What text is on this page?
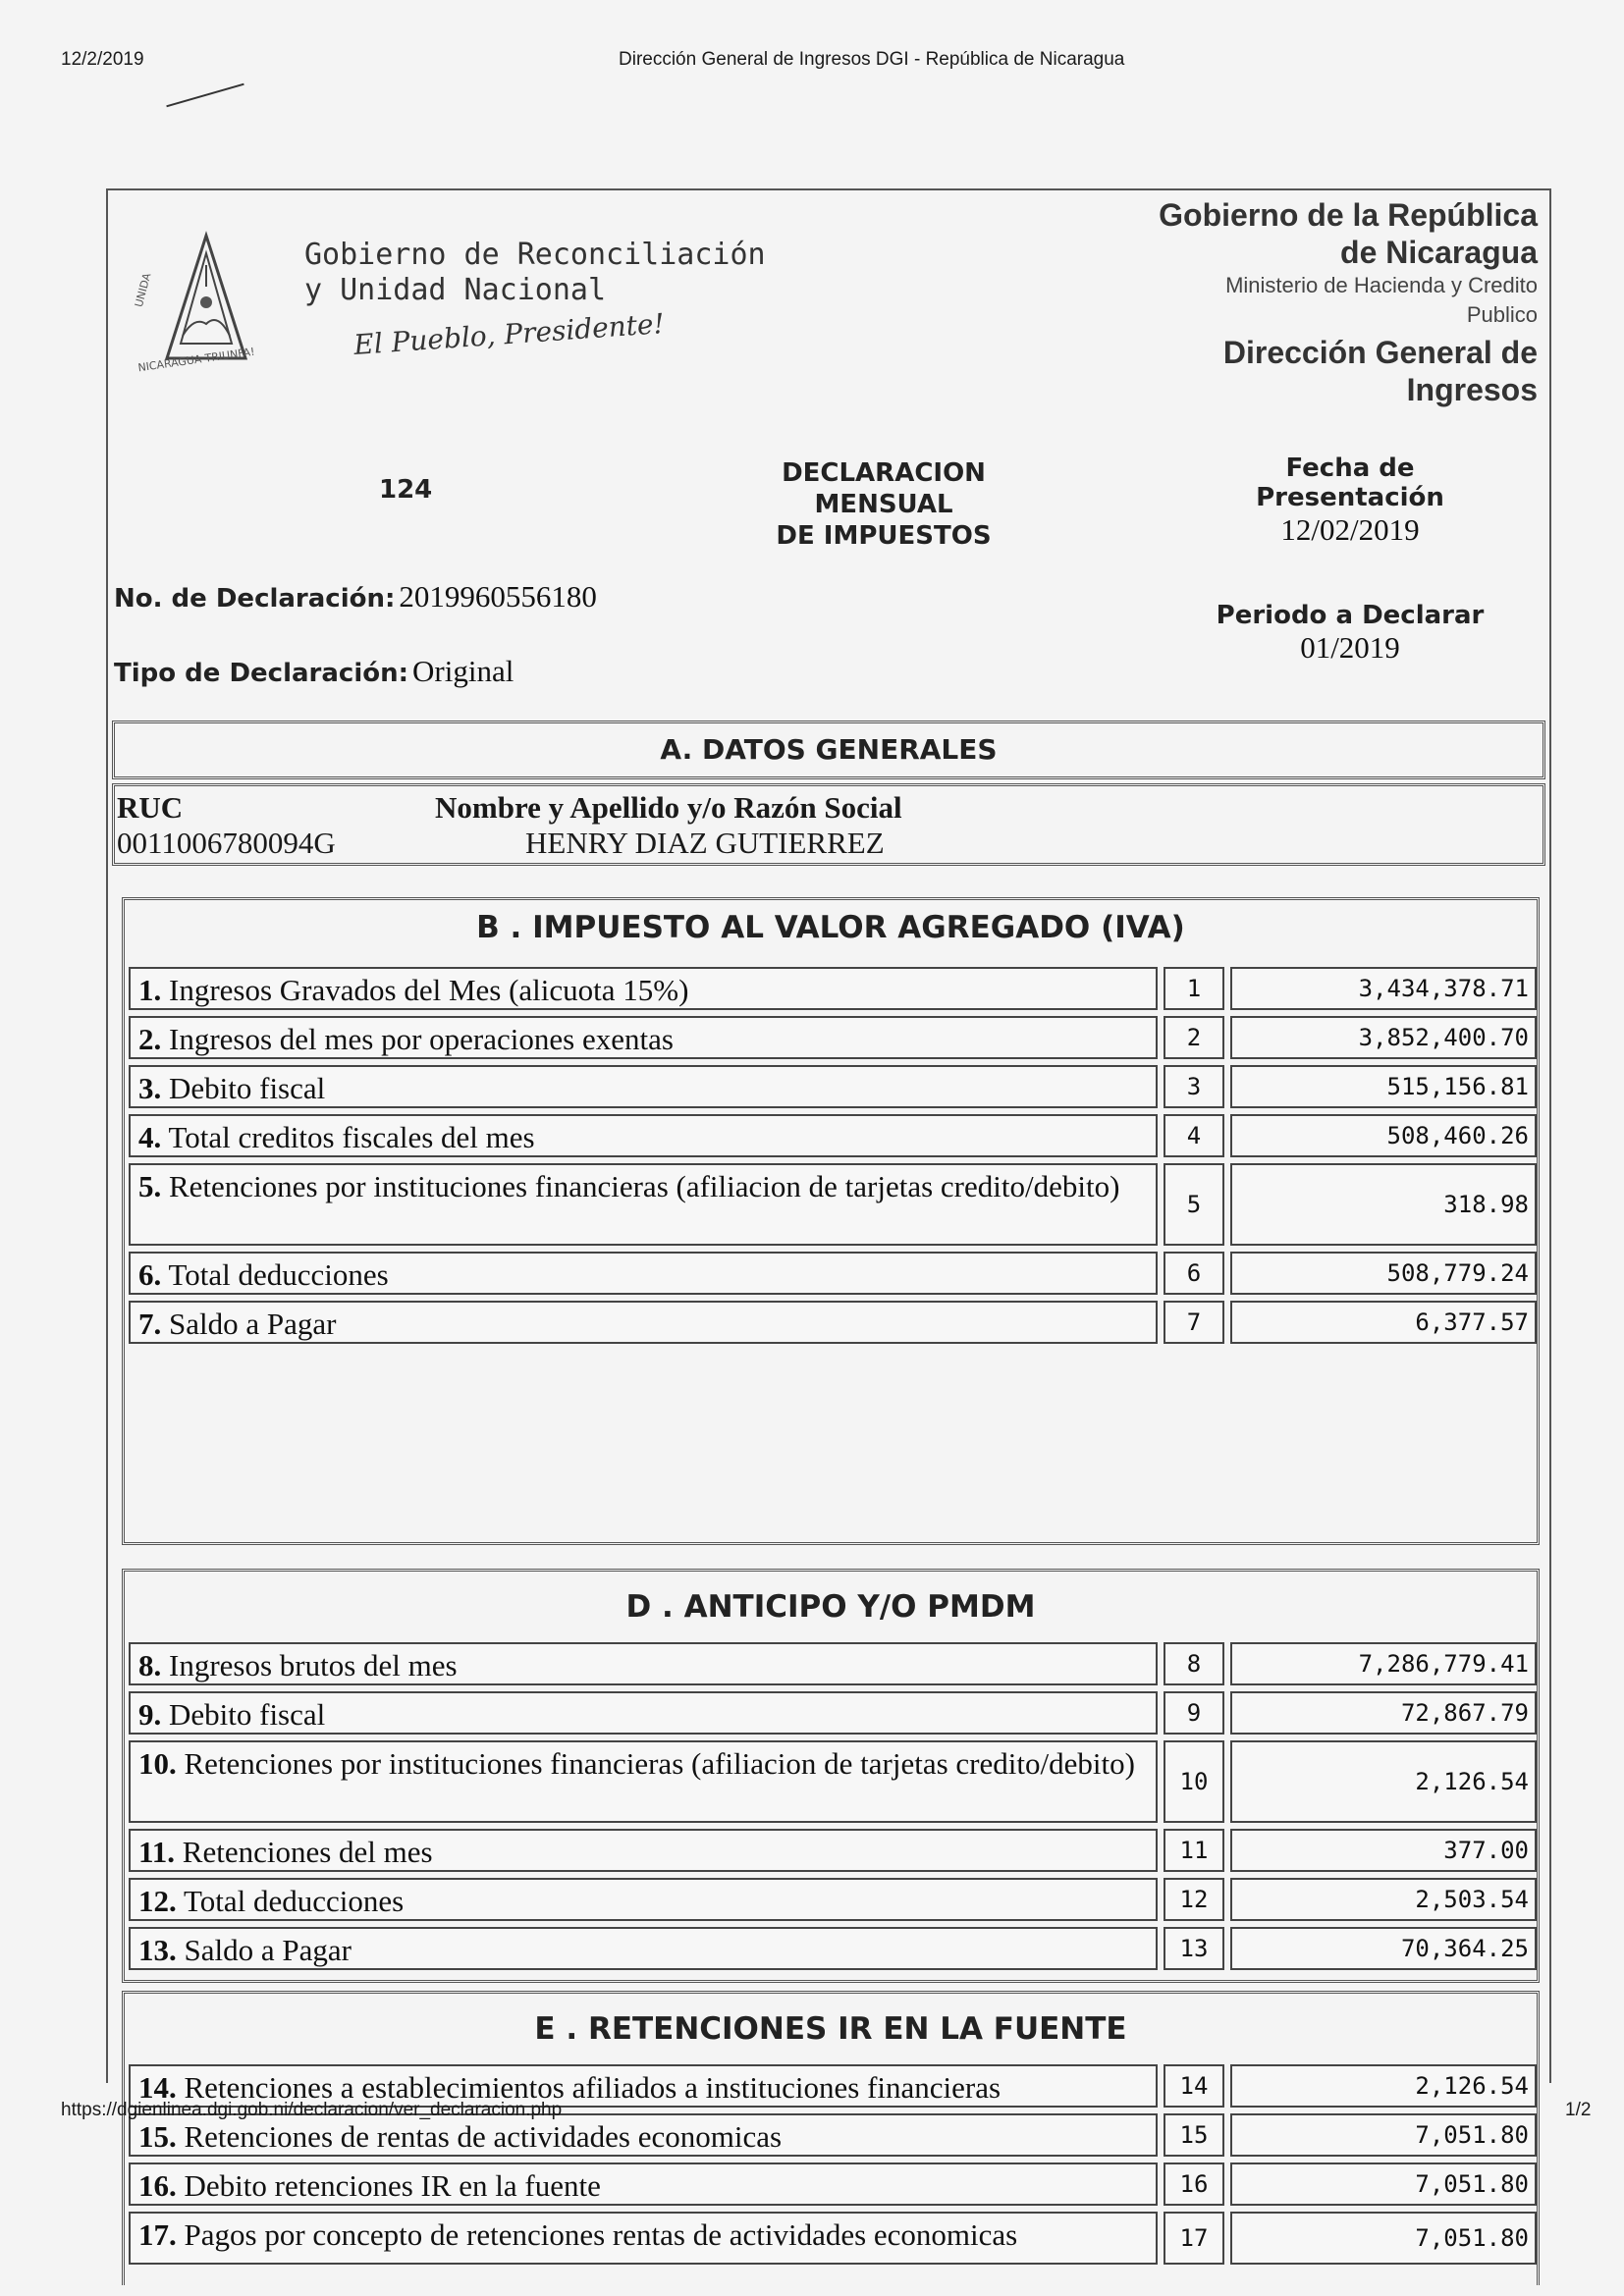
12/2/2019	Dirección General de Ingresos DGI - República de Nicaragua
UNIDA
NICARAGUA TRIUNFA!
Gobierno de Reconciliación
y Unidad Nacional
El Pueblo, Presidente!
Gobierno de la República
de Nicaragua
Ministerio de Hacienda y Credito
Publico
Dirección General de
Ingresos
124
DECLARACION MENSUAL
DE IMPUESTOS
Fecha de Presentación
12/02/2019
No. de Declaración: 2019960556180
Tipo de Declaración: Original
Periodo a Declarar
01/2019
A. DATOS GENERALES
RUC
0011006780094G
Nombre y Apellido y/o Razón Social
HENRY DIAZ GUTIERREZ
B . IMPUESTO AL VALOR AGREGADO (IVA)
1. Ingresos Gravados del Mes (alicuota 15%)	1	3,434,378.71
2. Ingresos del mes por operaciones exentas	2	3,852,400.70
3. Debito fiscal	3	515,156.81
4. Total creditos fiscales del mes	4	508,460.26
5. Retenciones por instituciones financieras (afiliacion de tarjetas credito/debito)
5	318.98
6. Total deducciones	6	508,779.24
7. Saldo a Pagar	7	6,377.57
D . ANTICIPO Y/O PMDM
8. Ingresos brutos del mes	8	7,286,779.41
9. Debito fiscal	9	72,867.79
10. Retenciones por instituciones financieras (afiliacion de tarjetas credito/debito)
10	2,126.54
11. Retenciones del mes	11	377.00
12. Total deducciones	12	2,503.54
13. Saldo a Pagar	13	70,364.25
E . RETENCIONES IR EN LA FUENTE
14. Retenciones a establecimientos afiliados a instituciones financieras	14	2,126.54
15. Retenciones de rentas de actividades economicas	15	7,051.80
16. Debito retenciones IR en la fuente	16	7,051.80
17. Pagos por concepto de retenciones rentas de actividades economicas	17	7,051.80
https://dgienlinea.dgi.gob.ni/declaracion/ver_declaracion.php	1/2
